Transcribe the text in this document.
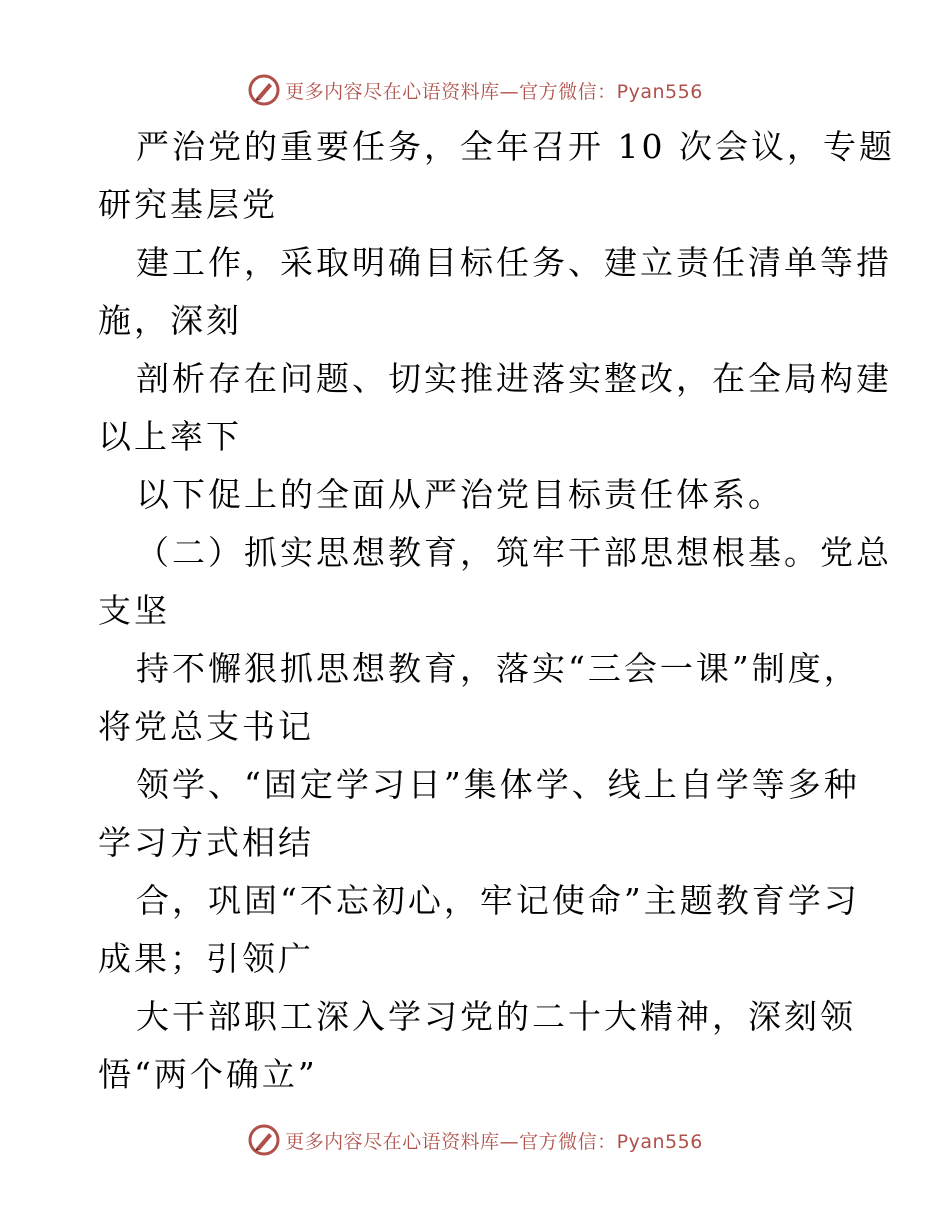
更多内容尽在心语资料库—官方微信：Pyan556
严治党的重要任务，全年召开 10 次会议，专题
研究基层党
建工作，采取明确目标任务、建立责任清单等措
施，深刻
剖析存在问题、切实推进落实整改，在全局构建
以上率下
以下促上的全面从严治党目标责任体系。
（二）抓实思想教育，筑牢干部思想根基。党总
支坚
持不懈狠抓思想教育，落实“三会一课”制度，
将党总支书记
领学、“固定学习日”集体学、线上自学等多种
学习方式相结
合，巩固“不忘初心，牢记使命”主题教育学习
成果；引领广
大干部职工深入学习党的二十大精神，深刻领
悟“两个确立”
更多内容尽在心语资料库—官方微信：Pyan556
